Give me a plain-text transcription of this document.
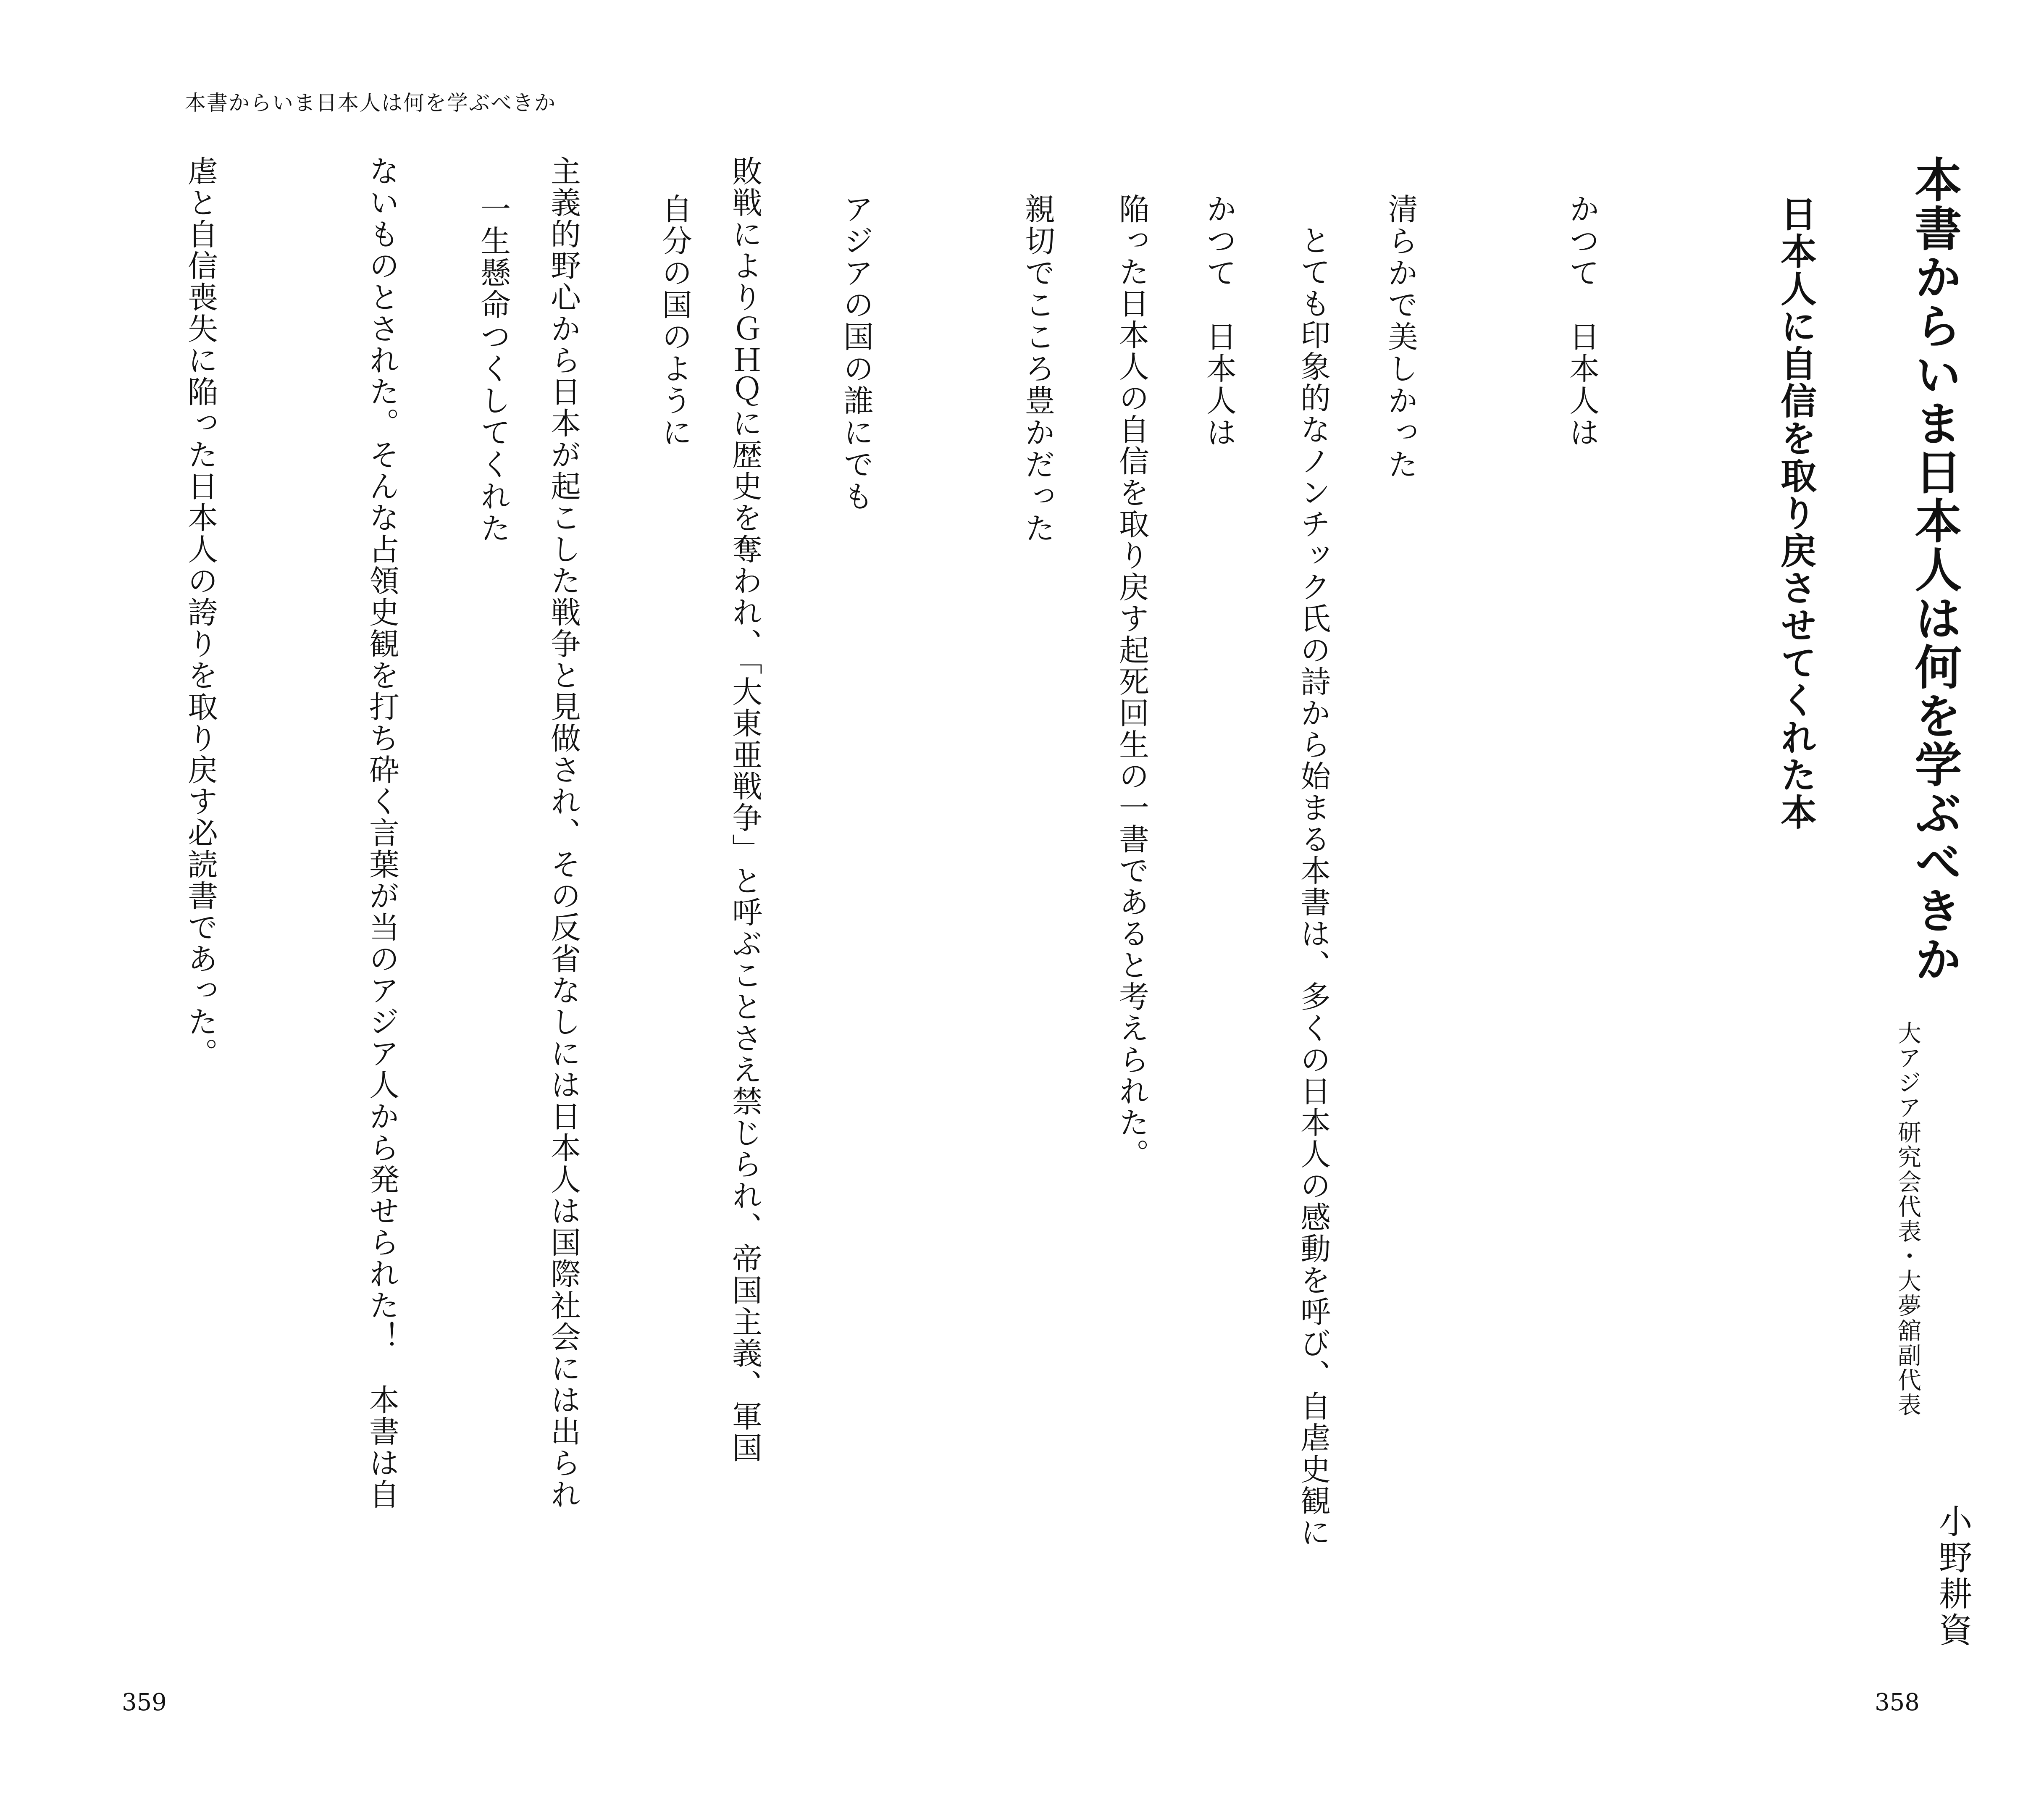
本書からいま日本人は何を学ぶべきか

敗戦によりＧＨＱに歴史を奪われ、「大東亜戦争」と呼ぶことさえ禁じられ、帝国主義、軍国

主義的野心から日本が起こした戦争と見做され、その反省なしには日本人は国際社会には出られ

ないものとされた。そんな占領史観を打ち砕く言葉が当のアジア人から発せられた！　本書は自

虐と自信喪失に陥った日本人の誇りを取り戻す必読書であった。

359
本書からいま日本人は何を学ぶべきか
日本人に自信を取り戻させてくれた本

かつて　日本人は

清らかで美しかった

かつて　日本人は

親切でこころ豊かだった

アジアの国の誰にでも

自分の国のように

一生懸命つくしてくれた

	　とても印象的なノンチック氏の詩から始まる本書は、多くの日本人の感動を呼び、自虐史観に

陥った日本人の自信を取り戻す起死回生の一書であると考えられた。

大アジア研究会代表・大夢舘副代表
小野耕資
358
